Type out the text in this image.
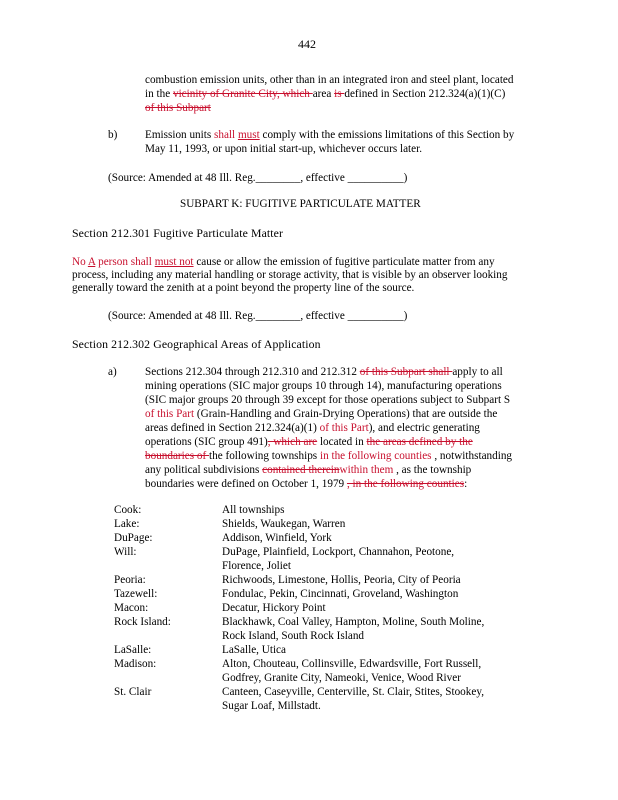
442
combustion emission units, other than in an integrated iron and steel plant, located
in the vicinity of Granite City, which area is defined in Section 212.324(a)(1)(C)
of this Subpart
b) Emission units shall must comply with the emissions limitations of this Section by
May 11, 1993, or upon initial start-up, whichever occurs later.
(Source: Amended at 48 Ill. Reg.________, effective __________)
SUBPART K: FUGITIVE PARTICULATE MATTER
Section 212.301 Fugitive Particulate Matter
No A person shall must not cause or allow the emission of fugitive particulate matter from any
process, including any material handling or storage activity, that is visible by an observer looking
generally toward the zenith at a point beyond the property line of the source.
(Source: Amended at 48 Ill. Reg.________, effective __________)
Section 212.302 Geographical Areas of Application
a)	Sections 212.304 through 212.310 and 212.312 of this Subpart shall apply to all
mining operations (SIC major groups 10 through 14), manufacturing operations
(SIC major groups 20 through 39 except for those operations subject to Subpart S
of this Part (Grain-Handling and Grain-Drying Operations) that are outside the
areas defined in Section 212.324(a)(1) of this Part), and electric generating
operations (SIC group 491), which are located in the areas defined by the
boundaries of the following townships in the following counties , notwithstanding
any political subdivisions contained thereinwithin them , as the township
boundaries were defined on October 1, 1979 , in the following counties:
Cook:	All townships
Lake:	Shields, Waukegan, Warren
DuPage:	Addison, Winfield, York
Will:	DuPage, Plainfield, Lockport, Channahon, Peotone,
Florence, Joliet
Peoria:	Richwoods, Limestone, Hollis, Peoria, City of Peoria
Tazewell:	Fondulac, Pekin, Cincinnati, Groveland, Washington
Macon:	Decatur, Hickory Point
Rock Island:	Blackhawk, Coal Valley, Hampton, Moline, South Moline,
Rock Island, South Rock Island
LaSalle:	LaSalle, Utica
Madison:	Alton, Chouteau, Collinsville, Edwardsville, Fort Russell,
Godfrey, Granite City, Nameoki, Venice, Wood River
St. Clair	Canteen, Caseyville, Centerville, St. Clair, Stites, Stookey,
Sugar Loaf, Millstadt.
